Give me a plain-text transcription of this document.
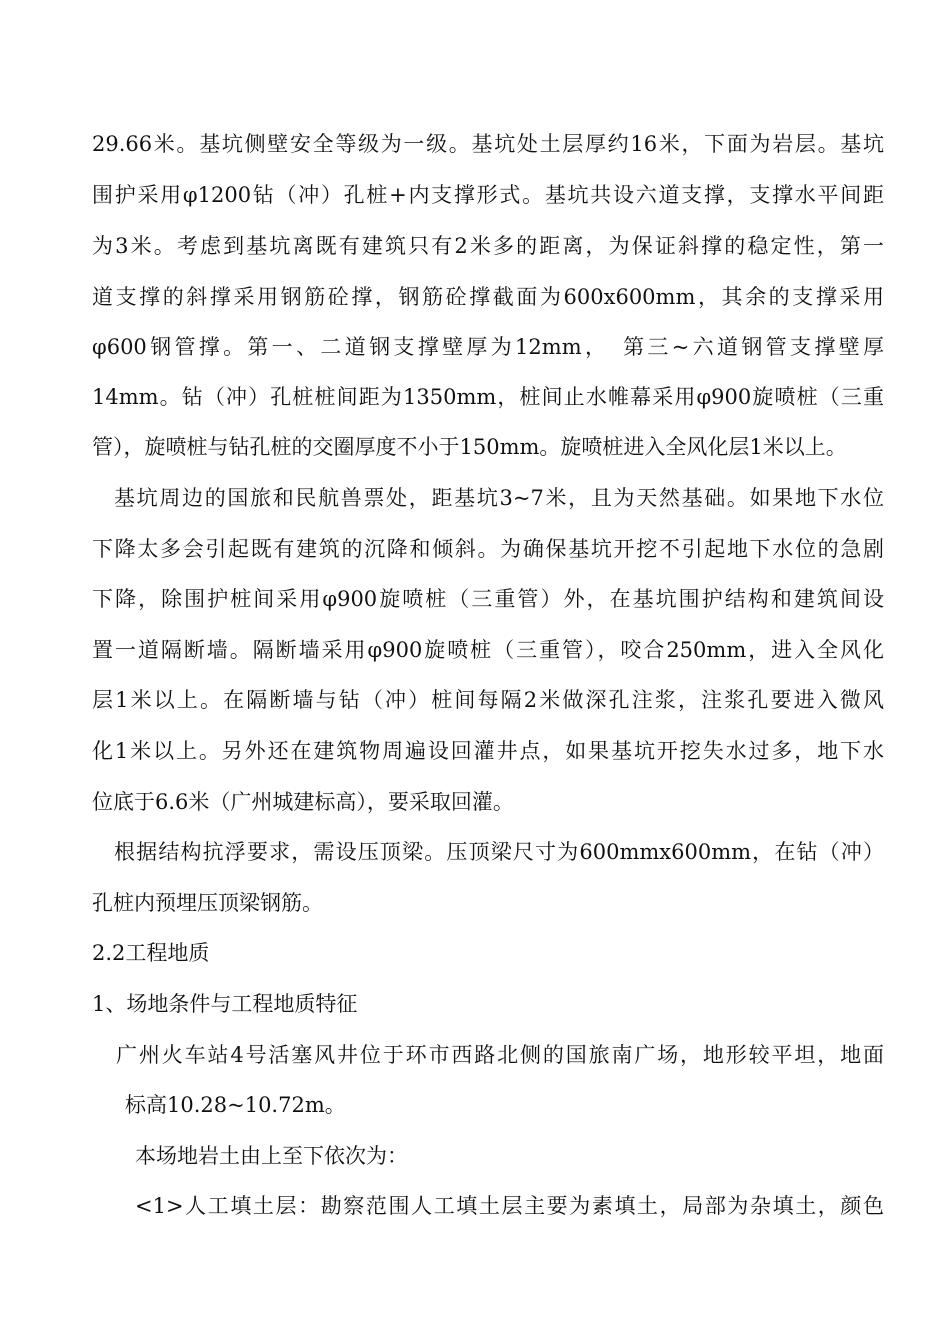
29.66米。基坑侧壁安全等级为一级。基坑处土层厚约16米，下面为岩层。基坑
围护采用φ1200钻（冲）孔桩+内支撑形式。基坑共设六道支撑，支撑水平间距
为3米。考虑到基坑离既有建筑只有2米多的距离，为保证斜撑的稳定性，第一
道支撑的斜撑采用钢筋砼撑，钢筋砼撑截面为600x600mm，其余的支撑采用
φ600钢管撑。第一、二道钢支撑壁厚为12mm，　第三~六道钢管支撑壁厚
14mm。钻（冲）孔桩桩间距为1350mm，桩间止水帷幕采用φ900旋喷桩（三重
管），旋喷桩与钻孔桩的交圈厚度不小于150mm。旋喷桩进入全风化层1米以上。
基坑周边的国旅和民航兽票处，距基坑3~7米，且为天然基础。如果地下水位
下降太多会引起既有建筑的沉降和倾斜。为确保基坑开挖不引起地下水位的急剧
下降，除围护桩间采用φ900旋喷桩（三重管）外，在基坑围护结构和建筑间设
置一道隔断墙。隔断墙采用φ900旋喷桩（三重管），咬合250mm，进入全风化
层1米以上。在隔断墙与钻（冲）桩间每隔2米做深孔注浆，注浆孔要进入微风
化1米以上。另外还在建筑物周遍设回灌井点，如果基坑开挖失水过多，地下水
位底于6.6米（广州城建标高），要采取回灌。
根据结构抗浮要求，需设压顶梁。压顶梁尺寸为600mmx600mm，在钻（冲）
孔桩内预埋压顶梁钢筋。
2.2工程地质
1、场地条件与工程地质特征
广州火车站4号活塞风井位于环市西路北侧的国旅南广场，地形较平坦，地面
标高10.28~10.72m。
本场地岩土由上至下依次为：
<1>人工填土层：勘察范围人工填土层主要为素填土，局部为杂填土，颜色
